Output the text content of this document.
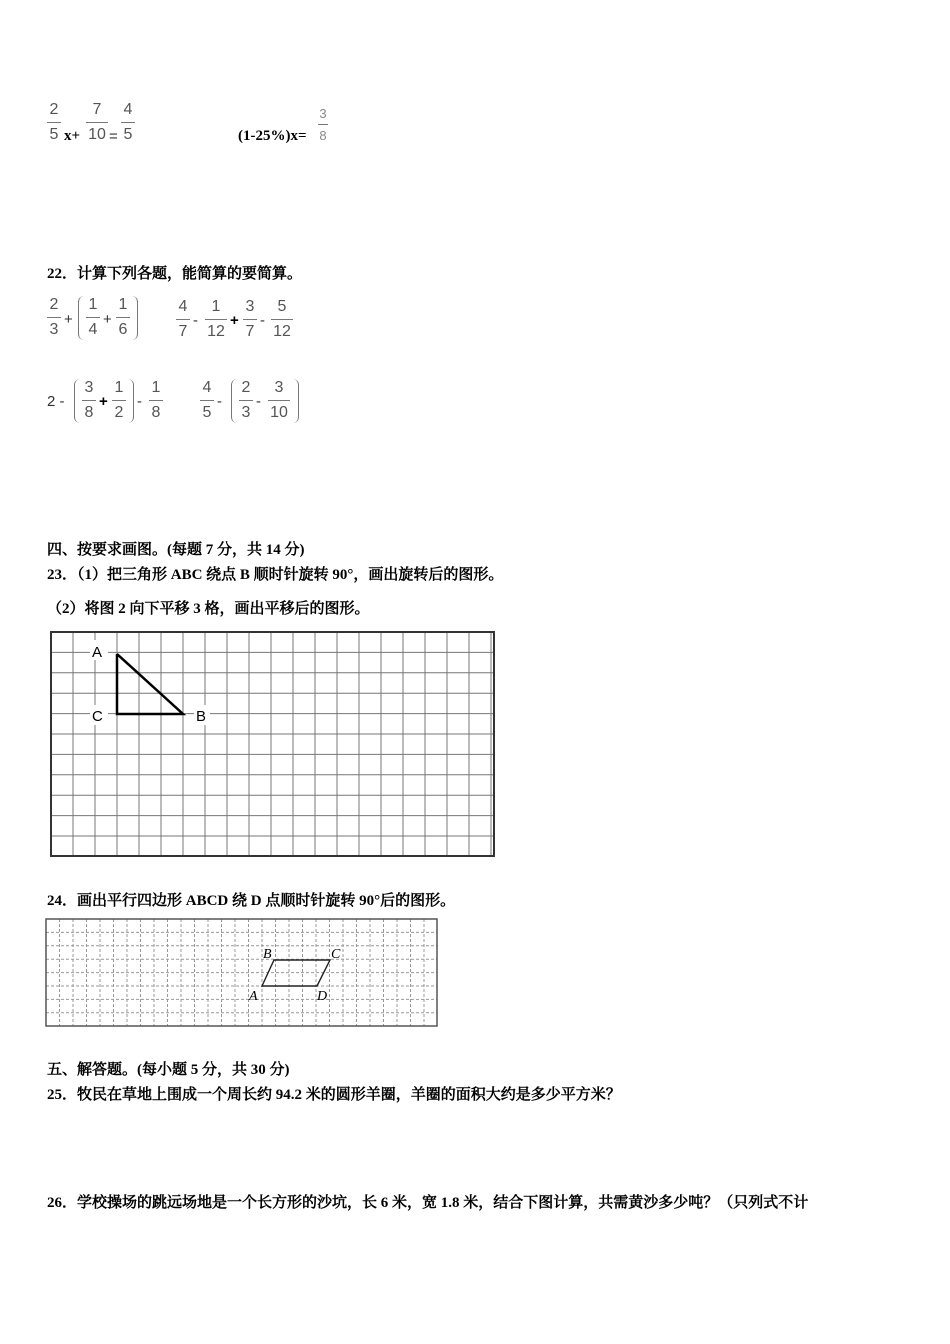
2
5 x+
7
10 =
4
5	(1-25%)x=
3
8
22．计算下列各题，能简算的要简算。
2
3
+
1
4
+
1
6
4
7
-
1
12
+
3
7
-
5
12
2 -
3
8
+
1
2
-
1
8
4
5
-
2
3
-
3
10
四、按要求画图。(每题 7 分，共 14 分)
23．（1）把三角形 ABC 绕点 B 顺时针旋转 90°，画出旋转后的图形。
（2）将图 2 向下平移 3 格，画出平移后的图形。
A
C	B
24．画出平行四边形 ABCD 绕 D 点顺时针旋转 90°后的图形。
B	C
A	D
五、解答题。(每小题 5 分，共 30 分)
25．牧民在草地上围成一个周长约 94.2 米的圆形羊圈，羊圈的面积大约是多少平方米？
26．学校操场的跳远场地是一个长方形的沙坑，长 6 米，宽 1.8 米，结合下图计算，共需黄沙多少吨？（只列式不计
